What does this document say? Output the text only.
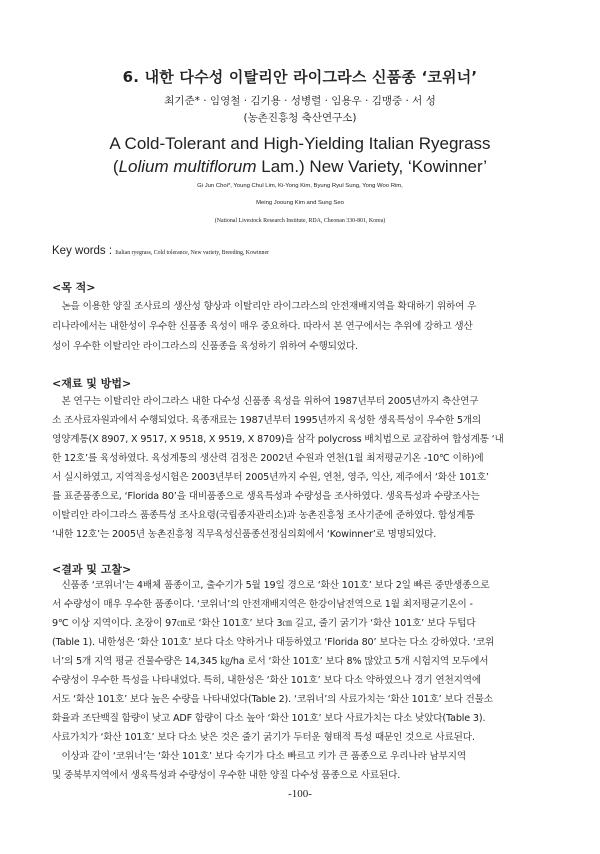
6. 내한 다수성 이탈리안 라이그라스 신품종 ‘코위너’
최기준* · 임영철 · 김기용 · 성병렬 · 임용우 · 김맹중 · 서 성
(농촌진흥청 축산연구소)
A Cold-Tolerant and High-Yielding Italian Ryegrass
(Lolium multiflorum Lam.) New Variety, ‘Kowinner’
Gi Jun Choi*, Young Chul Lim, Ki-Yong Kim, Byung Ryul Sung, Yong Woo Rim,
Meing Jooung Kim and Sung Seo
(National Livestock Research Institute, RDA, Cheonan 330-801, Korea)
Key words : Italian ryegrass, Cold tolerance, New variety, Breeding, Kowinner
<목 적>
　논을 이용한 양질 조사료의 생산성 향상과 이탈리안 라이그라스의 안전재배지역을 확대하기 위하여 우
리나라에서는 내한성이 우수한 신품종 육성이 매우 중요하다. 따라서 본 연구에서는 추위에 강하고 생산
성이 우수한 이탈리안 라이그라스의 신품종을 육성하기 위하여 수행되었다.
<재료 및 방법>
　본 연구는 이탈리안 라이그라스 내한 다수성 신품종 육성을 위하여 1987년부터 2005년까지 축산연구
소 조사료자원과에서 수행되었다. 육종재료는 1987년부터 1995년까지 육성한 생육특성이 우수한 5개의
영양계통(X 8907, X 9517, X 9518, X 9519, X 8709)을 삼각 polycross 배치법으로 교잡하여 합성계통 ‘내
한 12호’를 육성하였다. 육성계통의 생산력 검정은 2002년 수원과 연천(1월 최저평균기온 -10℃ 이하)에
서 실시하였고, 지역적응성시험은 2003년부터 2005년까지 수원, 연천, 영주, 익산, 제주에서 ‘화산 101호’
를 표준품종으로, ‘Florida 80’을 대비품종으로 생육특성과 수량성을 조사하였다. 생육특성과 수량조사는
이탈리안 라이그라스 품종특성 조사요령(국립종자관리소)과 농촌진흥청 조사기준에 준하였다. 합성계통
‘내한 12호’는 2005년 농촌진흥청 직무육성신품종선정심의회에서 ‘Kowinner’로 명명되었다.
<결과 및 고찰>
　신품종 ‘코위너’는 4배체 품종이고, 출수기가 5월 19일 경으로 ‘화산 101호’ 보다 2일 빠른 중만생종으로
서 수량성이 매우 우수한 품종이다. ‘코위너’의 안전재배지역은 한강이남전역으로 1월 최저평균기온이 -
9℃ 이상 지역이다. 초장이 97㎝로 ‘화산 101호’ 보다 3㎝ 길고, 줄기 굵기가 ‘화산 101호’ 보다 두텁다
(Table 1). 내한성은 ‘화산 101호’ 보다 다소 약하거나 대등하였고 ‘Florida 80’ 보다는 다소 강하였다. ‘코위
너’의 5개 지역 평균 건물수량은 14,345 ㎏/ha 로서 ‘화산 101호’ 보다 8% 많았고 5개 시험지역 모두에서
수량성이 우수한 특성을 나타내었다. 특히, 내한성은 ‘화산 101호’ 보다 다소 약하였으나 경기 연천지역에
서도 ‘화산 101호’ 보다 높은 수량을 나타내었다(Table 2). ‘코위너’의 사료가치는 ‘화산 101호’ 보다 건물소
화율과 조단백질 함량이 낮고 ADF 함량이 다소 높아 ‘화산 101호’ 보다 사료가치는 다소 낮았다(Table 3).
사료가치가 ‘화산 101호’ 보다 다소 낮은 것은 줄기 굵기가 두터운 형태적 특성 때문인 것으로 사료된다.
　이상과 같이 ‘코위너’는 ‘화산 101호’ 보다 숙기가 다소 빠르고 키가 큰 품종으로 우리나라 남부지역
및 중북부지역에서 생육특성과 수량성이 우수한 내한 양질 다수성 품종으로 사료된다.
-100-
